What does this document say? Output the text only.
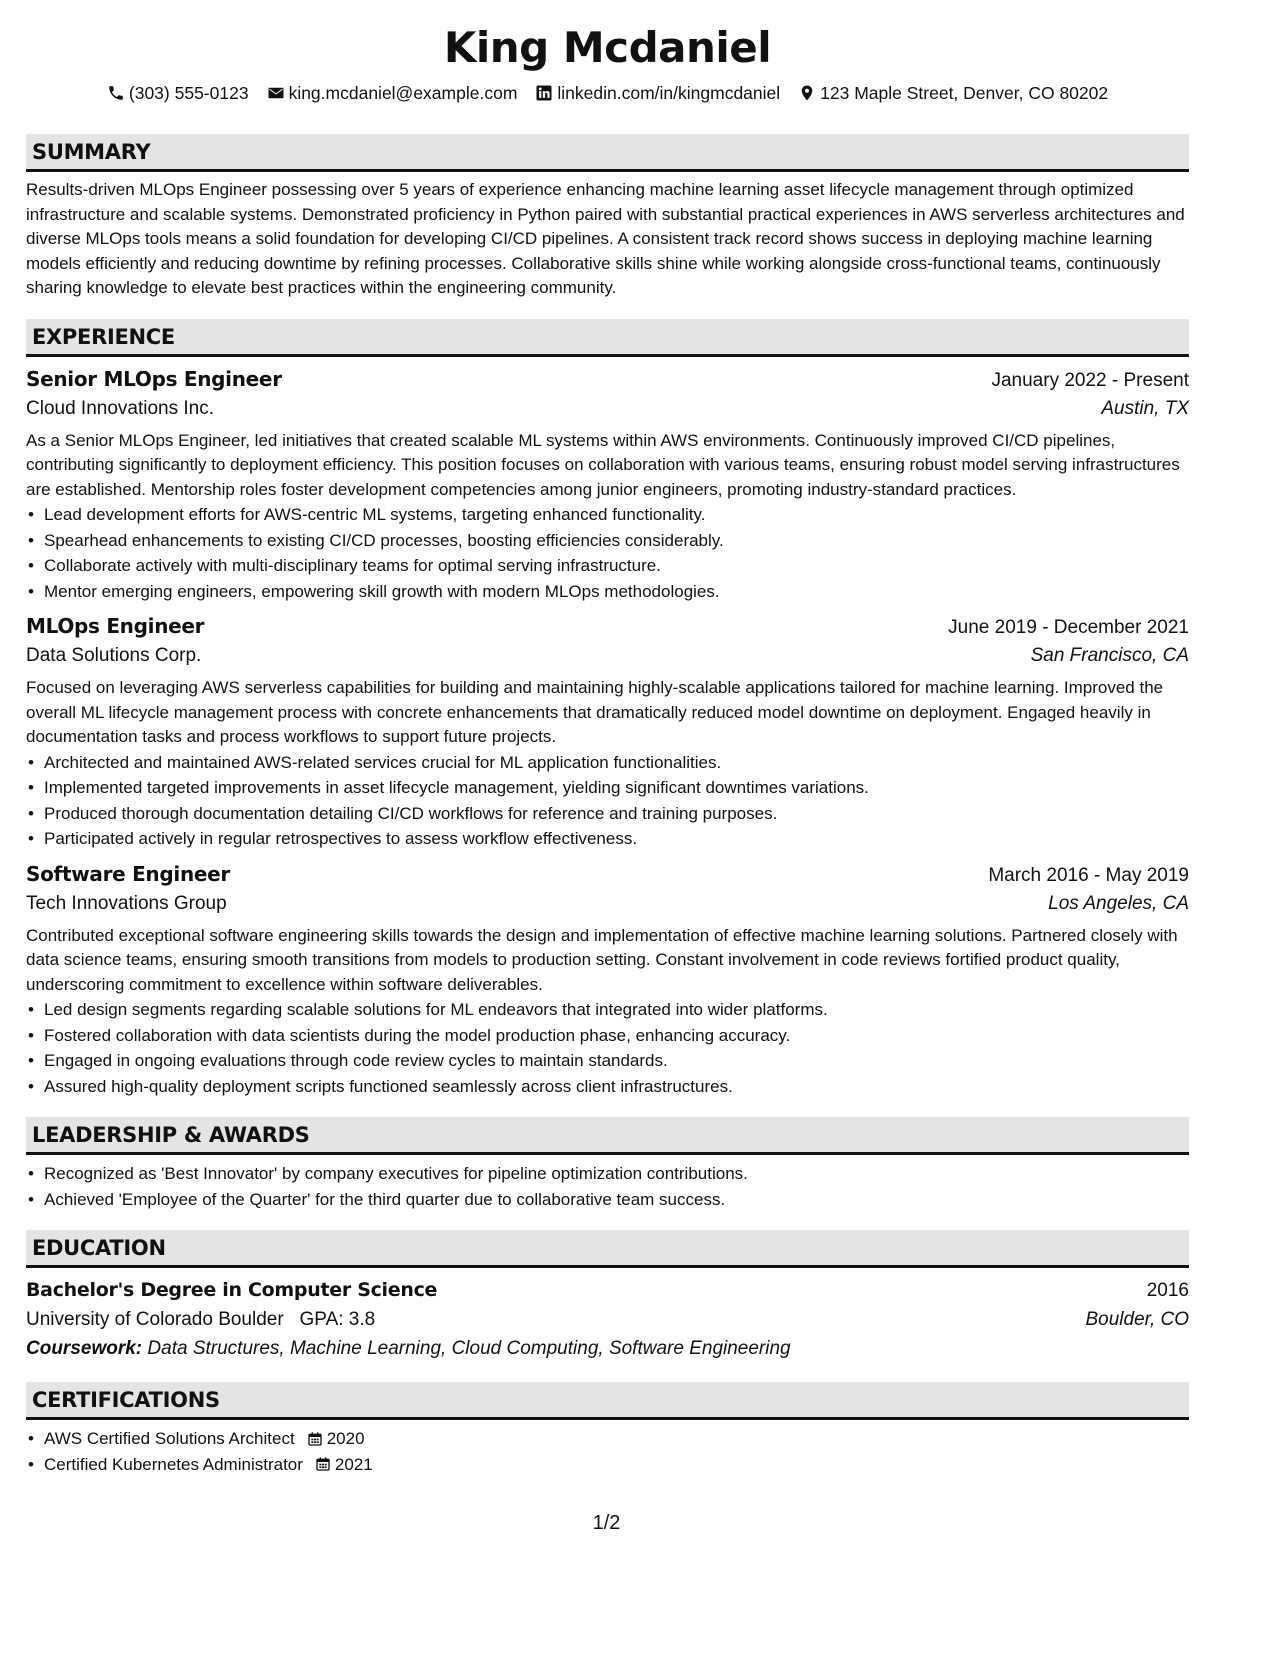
King Mcdaniel
(303) 555-0123 king.mcdaniel@example.com linkedin.com/in/kingmcdaniel 123 Maple Street, Denver, CO 80202
SUMMARY

Results-driven MLOps Engineer possessing over 5 years of experience enhancing machine learning asset lifecycle management through optimized infrastructure and scalable systems. Demonstrated proficiency in Python paired with substantial practical experiences in AWS serverless architectures and diverse MLOps tools means a solid foundation for developing CI/CD pipelines. A consistent track record shows success in deploying machine learning models efficiently and reducing downtime by refining processes. Collaborative skills shine while working alongside cross-functional teams, continuously sharing knowledge to elevate best practices within the engineering community.

EXPERIENCE
Senior MLOps Engineer	January 2022 - Present
Cloud Innovations Inc.	Austin, TX

As a Senior MLOps Engineer, led initiatives that created scalable ML systems within AWS environments. Continuously improved CI/CD pipelines, contributing significantly to deployment efficiency. This position focuses on collaboration with various teams, ensuring robust model serving infrastructures are established. Mentorship roles foster development competencies among junior engineers, promoting industry-standard practices.

• Lead development efforts for AWS-centric ML systems, targeting enhanced functionality.
• Spearhead enhancements to existing CI/CD processes, boosting efficiencies considerably.
• Collaborate actively with multi-disciplinary teams for optimal serving infrastructure.
• Mentor emerging engineers, empowering skill growth with modern MLOps methodologies.
MLOps Engineer	June 2019 - December 2021
Data Solutions Corp.	San Francisco, CA

Focused on leveraging AWS serverless capabilities for building and maintaining highly-scalable applications tailored for machine learning. Improved the overall ML lifecycle management process with concrete enhancements that dramatically reduced model downtime on deployment. Engaged heavily in documentation tasks and process workflows to support future projects.

• Architected and maintained AWS-related services crucial for ML application functionalities.
• Implemented targeted improvements in asset lifecycle management, yielding significant downtimes variations.
• Produced thorough documentation detailing CI/CD workflows for reference and training purposes.
• Participated actively in regular retrospectives to assess workflow effectiveness.
Software Engineer	March 2016 - May 2019
Tech Innovations Group	Los Angeles, CA

Contributed exceptional software engineering skills towards the design and implementation of effective machine learning solutions. Partnered closely with data science teams, ensuring smooth transitions from models to production setting. Constant involvement in code reviews fortified product quality, underscoring commitment to excellence within software deliverables.

• Led design segments regarding scalable solutions for ML endeavors that integrated into wider platforms.
• Fostered collaboration with data scientists during the model production phase, enhancing accuracy.
• Engaged in ongoing evaluations through code review cycles to maintain standards.
• Assured high-quality deployment scripts functioned seamlessly across client infrastructures.
LEADERSHIP & AWARDS
• Recognized as 'Best Innovator' by company executives for pipeline optimization contributions.
• Achieved 'Employee of the Quarter' for the third quarter due to collaborative team success.
EDUCATION
Bachelor's Degree in Computer Science	2016
University of Colorado Boulder GPA: 3.8	Boulder, CO
Coursework: Data Structures, Machine Learning, Cloud Computing, Software Engineering
CERTIFICATIONS
• AWS Certified Solutions Architect 2020
• Certified Kubernetes Administrator 2021
1/2
